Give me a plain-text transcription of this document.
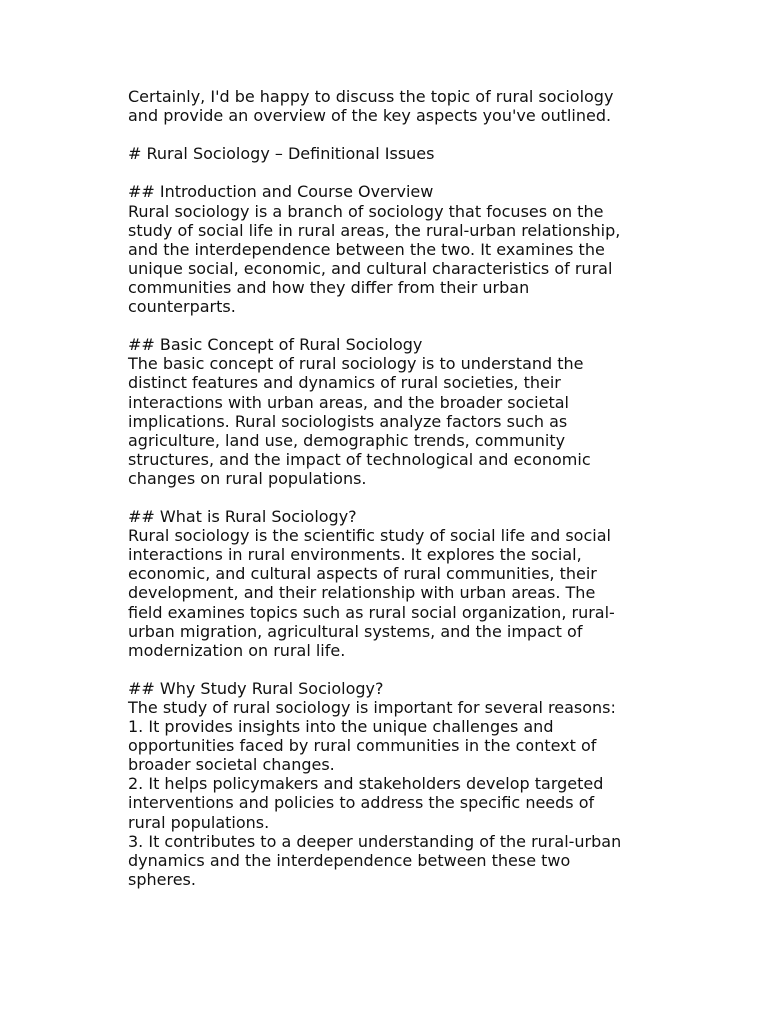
Certainly, I'd be happy to discuss the topic of rural sociology

and provide an overview of the key aspects you've outlined.

# Rural Sociology – Definitional Issues

## Introduction and Course Overview

Rural sociology is a branch of sociology that focuses on the

study of social life in rural areas, the rural-urban relationship,

and the interdependence between the two. It examines the

unique social, economic, and cultural characteristics of rural

communities and how they differ from their urban

counterparts.

## Basic Concept of Rural Sociology

The basic concept of rural sociology is to understand the

distinct features and dynamics of rural societies, their

interactions with urban areas, and the broader societal

implications. Rural sociologists analyze factors such as

agriculture, land use, demographic trends, community

structures, and the impact of technological and economic

changes on rural populations.

## What is Rural Sociology?

Rural sociology is the scientific study of social life and social

interactions in rural environments. It explores the social,

economic, and cultural aspects of rural communities, their

development, and their relationship with urban areas. The

field examines topics such as rural social organization, rural-

urban migration, agricultural systems, and the impact of

modernization on rural life.

## Why Study Rural Sociology?

The study of rural sociology is important for several reasons:

1. It provides insights into the unique challenges and

opportunities faced by rural communities in the context of

broader societal changes.

2. It helps policymakers and stakeholders develop targeted

interventions and policies to address the specific needs of

rural populations.

3. It contributes to a deeper understanding of the rural-urban

dynamics and the interdependence between these two

spheres.
